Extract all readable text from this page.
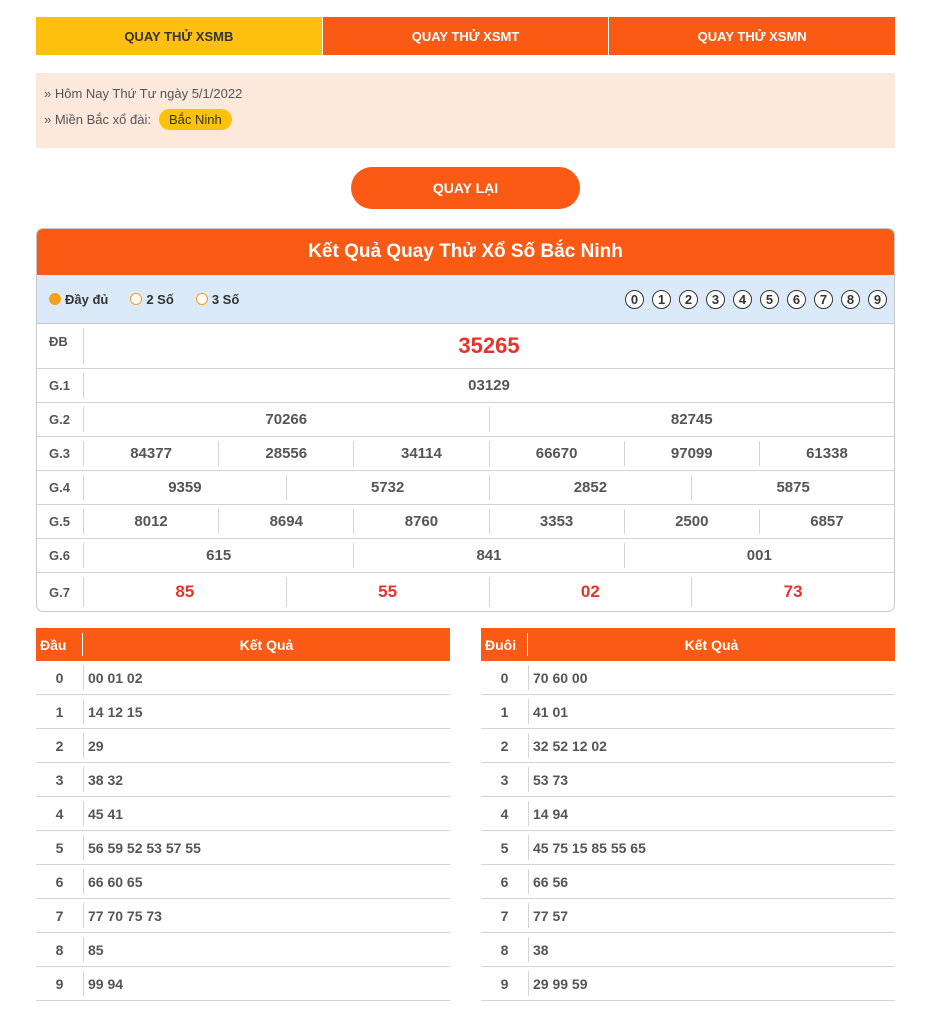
QUAY THỬ XSMB	QUAY THỬ XSMT	QUAY THỬ XSMN
» Hôm Nay Thứ Tư ngày 5/1/2022
» Miền Bắc xổ đài:	Bắc Ninh
QUAY LẠI
Kết Quả Quay Thử Xổ Số Bắc Ninh
Đầy đủ	2 Số	3 Số	0	1	2	3	4	5	6	7	8	9
ĐB	35265
G.1	03129
G.2	70266	82745
G.3	84377	28556	34114	66670	97099	61338
G.4	9359	5732	2852	5875
G.5	8012	8694	8760	3353	2500	6857
G.6	615	841	001
G.7	85	55	02	73
Đầu	Kết Quả
0	00 01 02
1	14 12 15
2	29
3	38 32
4	45 41
5	56 59 52 53 57 55
6	66 60 65
7	77 70 75 73
8	85
9	99 94
Đuôi	Kết Quả
0	70 60 00
1	41 01
2	32 52 12 02
3	53 73
4	14 94
5	45 75 15 85 55 65
6	66 56
7	77 57
8	38
9	29 99 59
